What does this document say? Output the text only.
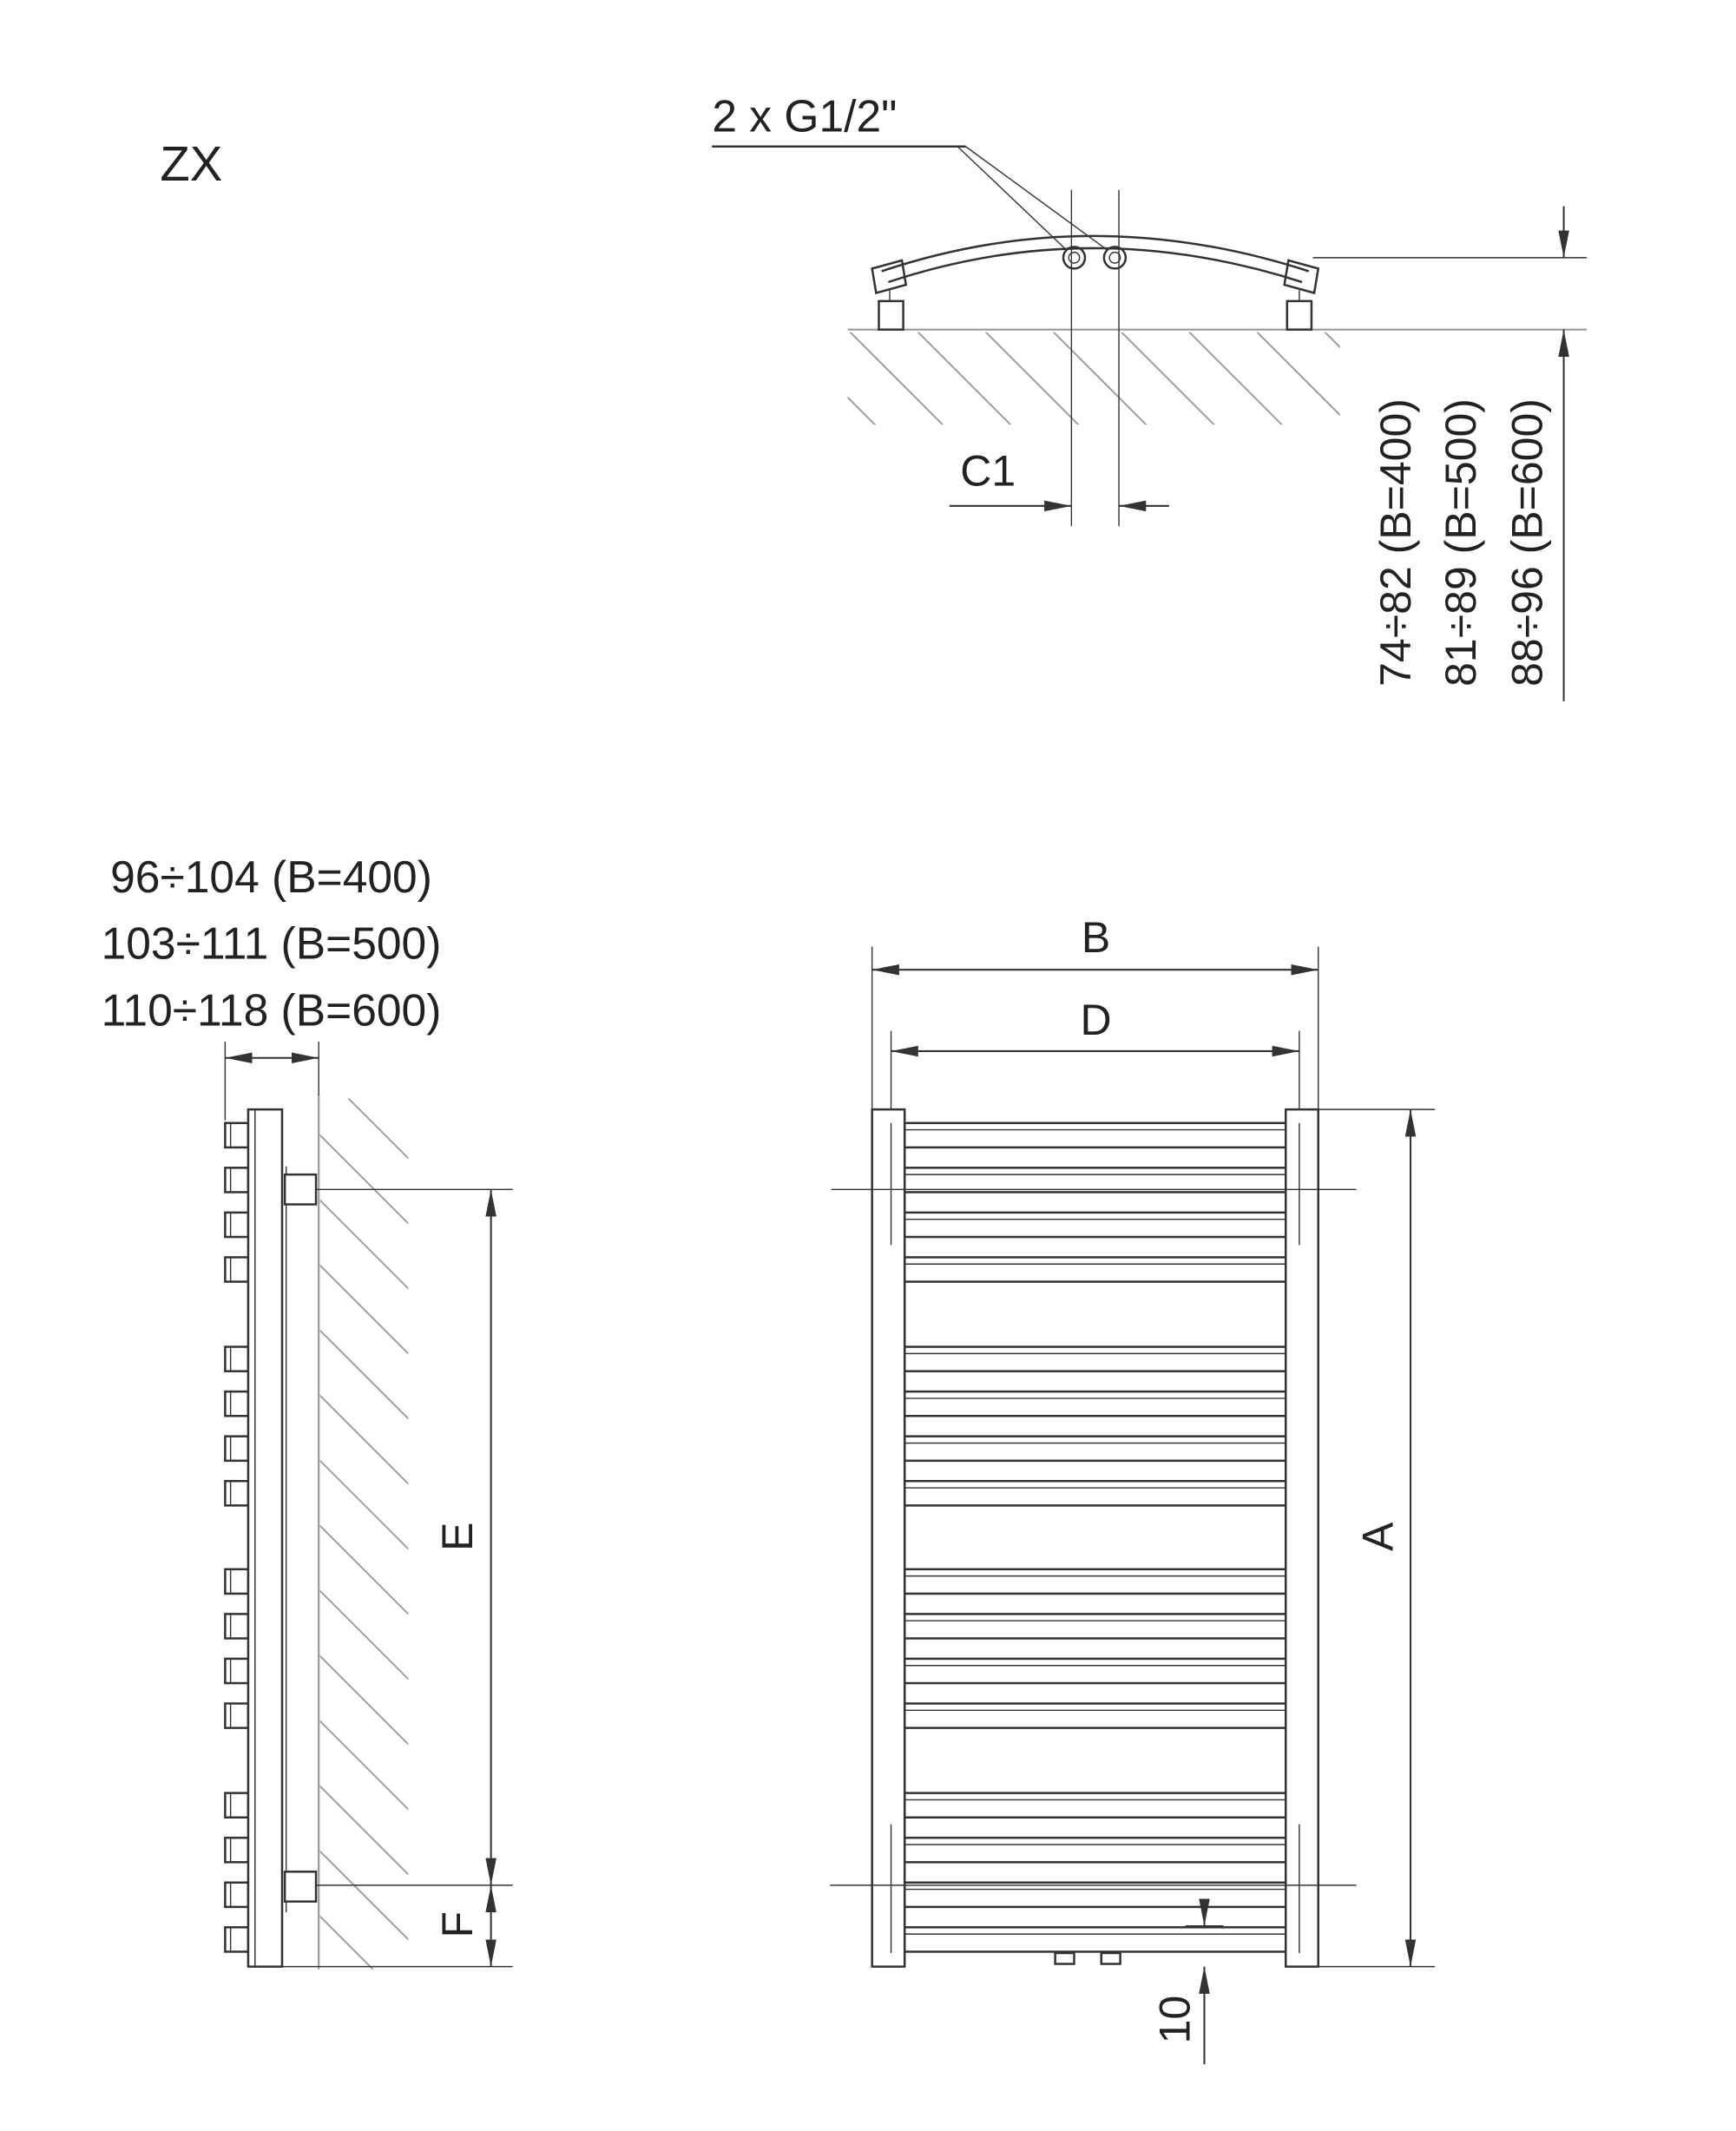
ZX
2 x G1/2"
C1	74÷82 (B=400) 81÷89 (B=500) 88÷96 (B=600)
96÷104 (B=400)
103÷111 (B=500)
110÷118 (B=600)
E
F
B
D
A
10
